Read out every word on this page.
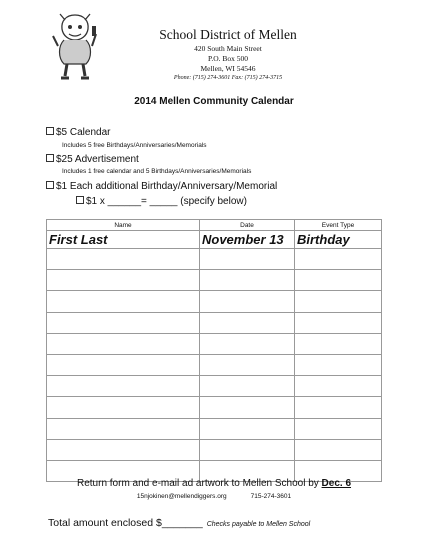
School District of Mellen
420 South Main Street
P.O. Box 500
Mellen, WI 54546
Phone: (715) 274-3601 Fax: (715) 274-3715
2014 Mellen Community Calendar
$5 Calendar
Includes 5 free Birthdays/Anniversaries/Memorials
$25 Advertisement
Includes 1 free calendar and 5 Birthdays/Anniversaries/Memorials
$1 Each additional Birthday/Anniversary/Memorial
$1 x ______= _____ (specify below)
Name	Date	Event Type
First Last	November 13	Birthday

Return form and e-mail ad artwork to Mellen School by Dec. 6
15njokinen@mellendiggers.org	715-274-3601
Total amount enclosed $_______ Checks payable to Mellen School
